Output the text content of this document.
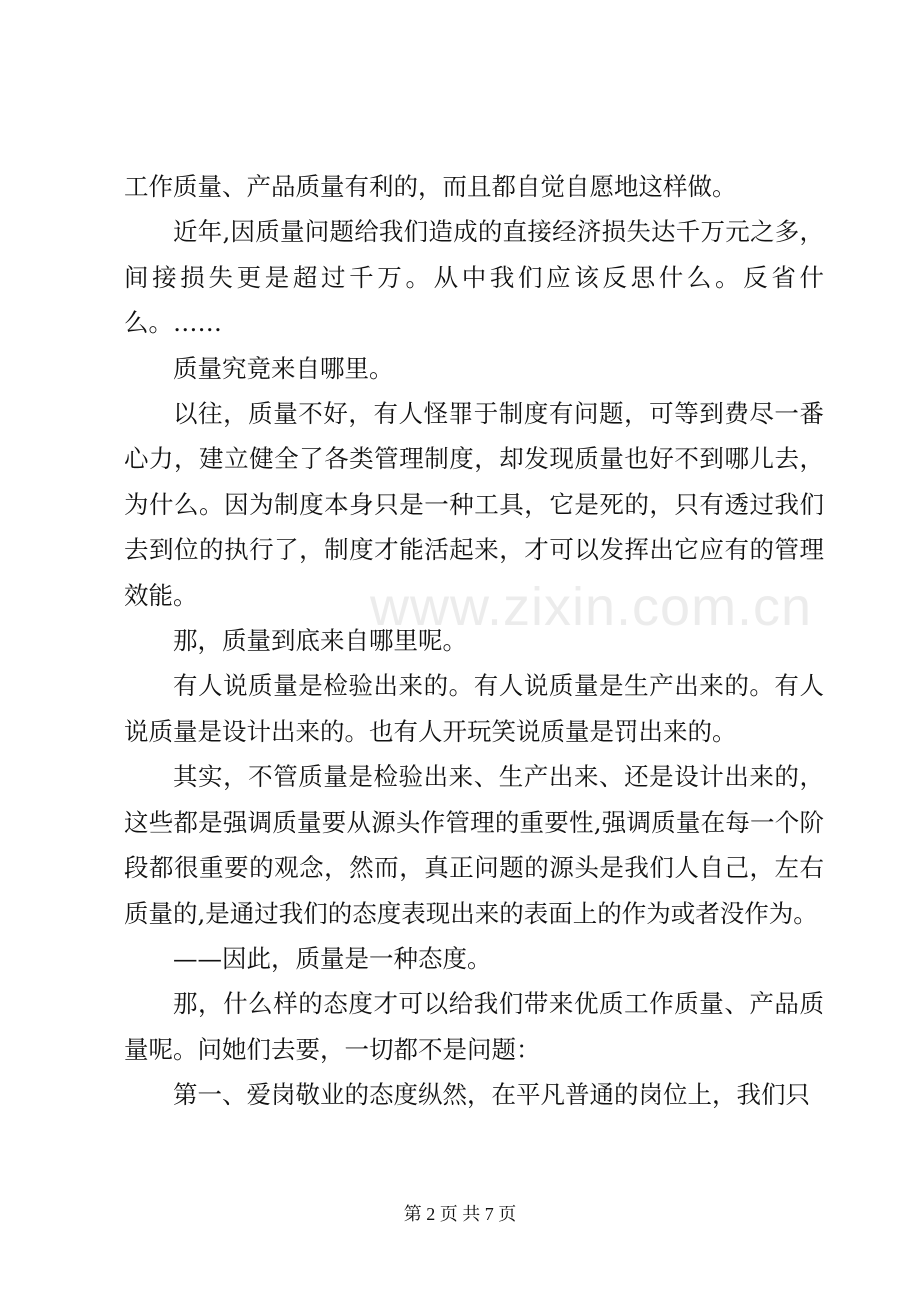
www.zixin.com.cn

工作质量、产品质量有利的，而且都自觉自愿地这样做。

近年,因质量问题给我们造成的直接经济损失达千万元之多，间接损失更是超过千万。从中我们应该反思什么。反省什么。……

质量究竟来自哪里。

以往，质量不好，有人怪罪于制度有问题，可等到费尽一番心力，建立健全了各类管理制度，却发现质量也好不到哪儿去，为什么。因为制度本身只是一种工具，它是死的，只有透过我们去到位的执行了，制度才能活起来，才可以发挥出它应有的管理效能。

那，质量到底来自哪里呢。

有人说质量是检验出来的。有人说质量是生产出来的。有人说质量是设计出来的。也有人开玩笑说质量是罚出来的。

其实，不管质量是检验出来、生产出来、还是设计出来的，这些都是强调质量要从源头作管理的重要性,强调质量在每一个阶段都很重要的观念，然而，真正问题的源头是我们人自己，左右质量的,是通过我们的态度表现出来的表面上的作为或者没作为。

——因此，质量是一种态度。

那，什么样的态度才可以给我们带来优质工作质量、产品质量呢。问她们去要，一切都不是问题：

第一、爱岗敬业的态度纵然，在平凡普通的岗位上，我们只

第 2 页 共 7 页
